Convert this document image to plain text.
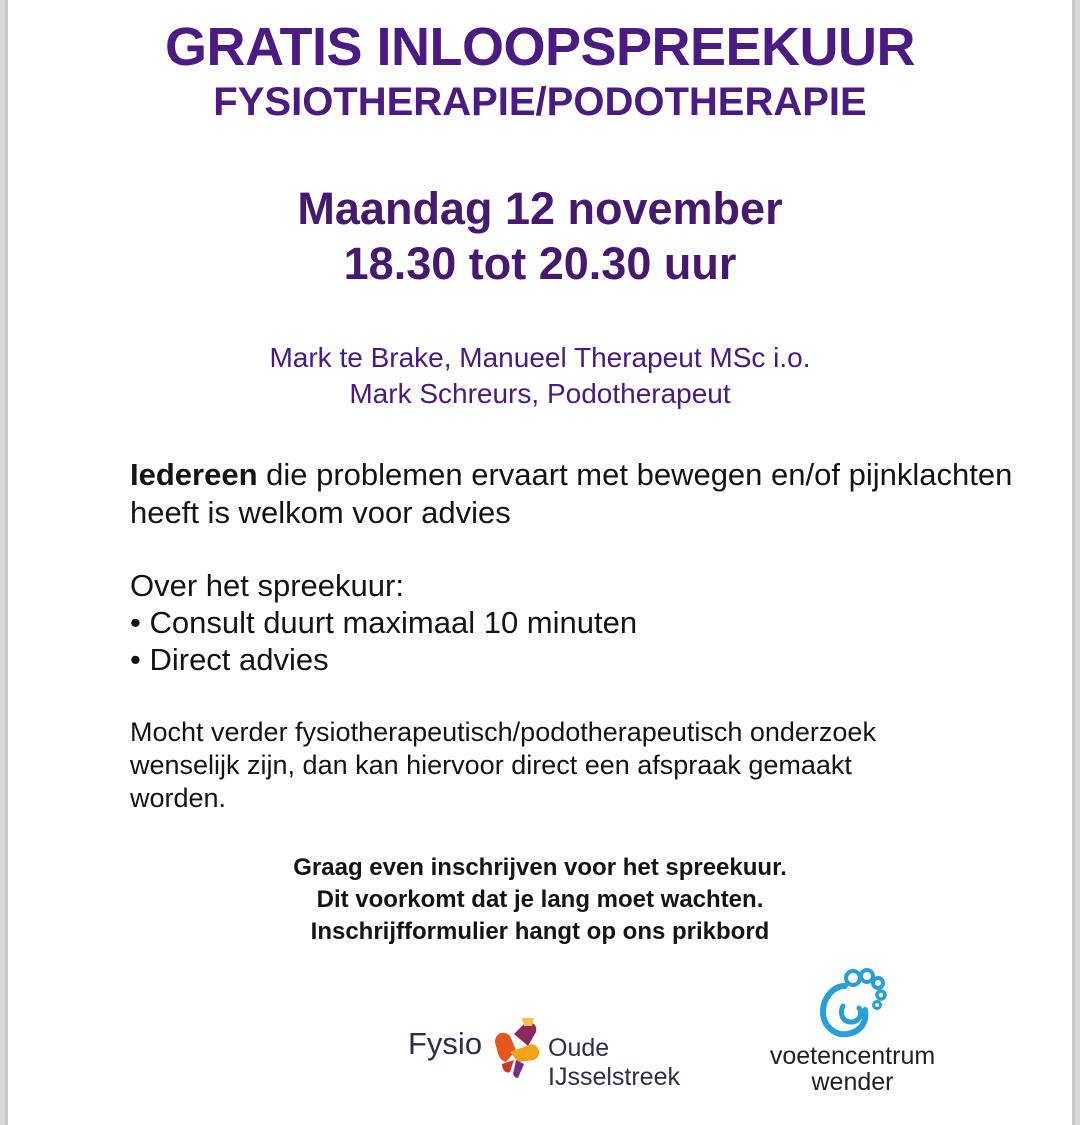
GRATIS INLOOPSPREEKUUR
FYSIOTHERAPIE/PODOTHERAPIE
Maandag 12 november
18.30 tot 20.30 uur
Mark te Brake, Manueel Therapeut MSc i.o.
Mark Schreurs, Podotherapeut
Iedereen die problemen ervaart met bewegen en/of pijnklachten heeft is welkom voor advies
Over het spreekuur:
• Consult duurt maximaal 10 minuten
• Direct advies
Mocht verder fysiotherapeutisch/podotherapeutisch onderzoek wenselijk zijn, dan kan hiervoor direct een afspraak gemaakt worden.
Graag even inschrijven voor het spreekuur.
Dit voorkomt dat je lang moet wachten.
Inschrijfformulier hangt op ons prikbord
Fysio	Oude IJsselstreek
voetencentrum
wender
